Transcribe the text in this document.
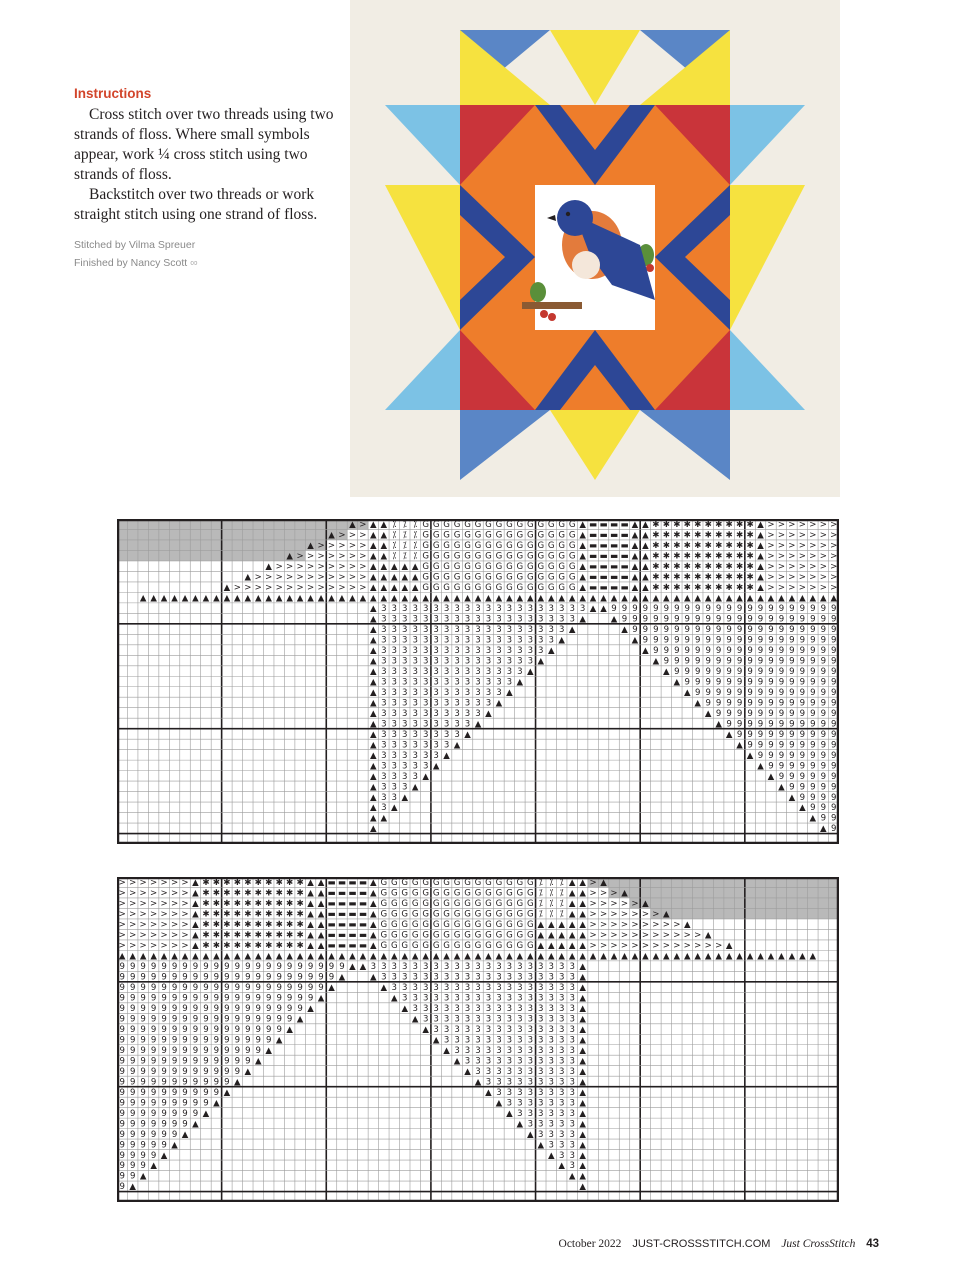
Instructions

Cross stitch over two threads using two strands of floss. Where small symbols appear, work ¼ cross stitch using two strands of floss.

Backstitch over two threads or work straight stitch using one strand of floss.

Stitched by Vilma Spreuer

Finished by Nancy Scott ∞

▲ > ▲ ▲ ⁒ ⁒ ⁒ G G G G G G G G G G G G G G G ▲ ▬ ▬ ▬ ▬ ▲ ▲ ✱ ✱ ✱ ✱ ✱ ✱ ✱ ✱ ✱ ✱ ▲ > > > > > > >
▲ > > > ▲ ▲ ⁒ ⁒ ⁒ G G G G G G G G G G G G G G G ▲ ▬ ▬ ▬ ▬ ▲ ▲ ✱ ✱ ✱ ✱ ✱ ✱ ✱ ✱ ✱ ✱ ▲ > > > > > > >
▲ > > > > > ▲ ▲ ⁒ ⁒ ⁒ G G G G G G G G G G G G G G G ▲ ▬ ▬ ▬ ▬ ▲ ▲ ✱ ✱ ✱ ✱ ✱ ✱ ✱ ✱ ✱ ✱ ▲ > > > > > > >
▲ > > > > > > > ▲ ▲ ⁒ ⁒ ⁒ G G G G G G G G G G G G G G G ▲ ▬ ▬ ▬ ▬ ▲ ▲ ✱ ✱ ✱ ✱ ✱ ✱ ✱ ✱ ✱ ✱ ▲ > > > > > > >
▲ > > > > > > > > > ▲ ▲ ▲ ▲ ▲ G G G G G G G G G G G G G G G ▲ ▬ ▬ ▬ ▬ ▲ ▲ ✱ ✱ ✱ ✱ ✱ ✱ ✱ ✱ ✱ ✱ ▲ > > > > > > >
▲ > > > > > > > > > > > ▲ ▲ ▲ ▲ ▲ G G G G G G G G G G G G G G G ▲ ▬ ▬ ▬ ▬ ▲ ▲ ✱ ✱ ✱ ✱ ✱ ✱ ✱ ✱ ✱ ✱ ▲ > > > > > > >
▲ > > > > > > > > > > > > > ▲ ▲ ▲ ▲ ▲ G G G G G G G G G G G G G G G ▲ ▬ ▬ ▬ ▬ ▲ ▲ ✱ ✱ ✱ ✱ ✱ ✱ ✱ ✱ ✱ ✱ ▲ > > > > > > >
▲ ▲ ▲ ▲ ▲ ▲ ▲ ▲ ▲ ▲ ▲ ▲ ▲ ▲ ▲ ▲ ▲ ▲ ▲ ▲ ▲ ▲ ▲ ▲ ▲ ▲ ▲ ▲ ▲ ▲ ▲ ▲ ▲ ▲ ▲ ▲ ▲ ▲ ▲ ▲ ▲ ▲ ▲ ▲ ▲ ▲ ▲ ▲ ▲ ▲ ▲ ▲ ▲ ▲ ▲ ▲ ▲ ▲ ▲ ▲ ▲ ▲ ▲ ▲ ▲ ▲ ▲
▲ 3 3 3 3 3 3 3 3 3 3 3 3 3 3 3 3 3 3 3 3 ▲
▲ 3 3 3 3 3 3 3 3 3 3 3 3 3 3 3 3 3 3 3 ▲
▲ 3 3 3 3 3 3 3 3 3 3 3 3 3 3 3 3 3 3 ▲
▲ 3 3 3 3 3 3 3 3 3 3 3 3 3 3 3 3 3 ▲
▲ 3 3 3 3 3 3 3 3 3 3 3 3 3 3 3 3 ▲
▲ 3 3 3 3 3 3 3 3 3 3 3 3 3 3 3 ▲
▲ 3 3 3 3 3 3 3 3 3 3 3 3 3 3 ▲
▲ 3 3 3 3 3 3 3 3 3 3 3 3 3 ▲
▲ 3 3 3 3 3 3 3 3 3 3 3 3 ▲
▲ 3 3 3 3 3 3 3 3 3 3 3 ▲
▲ 3 3 3 3 3 3 3 3 3 3 ▲
▲ 3 3 3 3 3 3 3 3 3 ▲
▲ 3 3 3 3 3 3 3 3 ▲
▲ 3 3 3 3 3 3 3 ▲
▲ 3 3 3 3 3 3 ▲
▲ 3 3 3 3 3 ▲
▲ 3 3 3 3 ▲
▲ 3 3 3 ▲
▲ 3 3 ▲
▲ 3 ▲
▲ ▲
▲
▲ 9 9 9 9 9 9 9 9 9 9 9 9 9 9 9 9 9 9 9 9 9 9
▲ 9 9 9 9 9 9 9 9 9 9 9 9 9 9 9 9 9 9 9 9 9
▲ 9 9 9 9 9 9 9 9 9 9 9 9 9 9 9 9 9 9 9 9
▲ 9 9 9 9 9 9 9 9 9 9 9 9 9 9 9 9 9 9 9
▲ 9 9 9 9 9 9 9 9 9 9 9 9 9 9 9 9 9 9
▲ 9 9 9 9 9 9 9 9 9 9 9 9 9 9 9 9 9
▲ 9 9 9 9 9 9 9 9 9 9 9 9 9 9 9 9
▲ 9 9 9 9 9 9 9 9 9 9 9 9 9 9 9
▲ 9 9 9 9 9 9 9 9 9 9 9 9 9 9
▲ 9 9 9 9 9 9 9 9 9 9 9 9 9
▲ 9 9 9 9 9 9 9 9 9 9 9 9
▲ 9 9 9 9 9 9 9 9 9 9 9
▲ 9 9 9 9 9 9 9 9 9 9
▲ 9 9 9 9 9 9 9 9 9
▲ 9 9 9 9 9 9 9 9
▲ 9 9 9 9 9 9 9
▲ 9 9 9 9 9 9
▲ 9 9 9 9 9
▲ 9 9 9 9
▲ 9 9 9
▲ 9 9
▲ 9
▲
>
▲
▲
⁒
⁒
⁒
G
G
G
G
G
G
G
G
G
G
G
G
G
G
G
▲
▬
▬
▬
▬
▲
▲
✱
✱
✱
✱
✱
✱
✱
✱
✱
✱
▲
>
>
>
>
>
>
>
▲
>
>
>
▲
▲
⁒
⁒
⁒
G
G
G
G
G
G
G
G
G
G
G
G
G
G
G
▲
▬
▬
▬
▬
▲
▲
✱
✱
✱
✱
✱
✱
✱
✱
✱
✱
▲
>
>
>
>
>
>
>
▲
>
>
>
>
>
▲
▲
⁒
⁒
⁒
G
G
G
G
G
G
G
G
G
G
G
G
G
G
G
▲
▬
▬
▬
▬
▲
▲
✱
✱
✱
✱
✱
✱
✱
✱
✱
✱
▲
>
>
>
>
>
>
>
▲
>
>
>
>
>
>
>
▲
▲
⁒
⁒
⁒
G
G
G
G
G
G
G
G
G
G
G
G
G
G
G
▲
▬
▬
▬
▬
▲
▲
✱
✱
✱
✱
✱
✱
✱
✱
✱
✱
▲
>
>
>
>
>
>
>
▲
>
>
>
>
>
>
>
>
>
▲
▲
▲
▲
▲
G
G
G
G
G
G
G
G
G
G
G
G
G
G
G
▲
▬
▬
▬
▬
▲
▲
✱
✱
✱
✱
✱
✱
✱
✱
✱
✱
▲
>
>
>
>
>
>
>
▲
>
>
>
>
>
>
>
>
>
>
>
▲
▲
▲
▲
▲
G
G
G
G
G
G
G
G
G
G
G
G
G
G
G
▲
▬
▬
▬
▬
▲
▲
✱
✱
✱
✱
✱
✱
✱
✱
✱
✱
▲
>
>
>
>
>
>
>
▲
>
>
>
>
>
>
>
>
>
>
>
>
>
▲
▲
▲
▲
▲
G
G
G
G
G
G
G
G
G
G
G
G
G
G
G
▲
▬
▬
▬
▬
▲
▲
✱
✱
✱
✱
✱
✱
✱
✱
✱
✱
▲
>
>
>
>
>
>
>
▲
▲
▲
▲
▲
▲
▲
▲
▲
▲
▲
▲
▲
▲
▲
▲
▲
▲
▲
▲
▲
▲
▲
▲
▲
▲
▲
▲
▲
▲
▲
▲
▲
▲
▲
▲
▲
▲
▲
▲
▲
▲
▲
▲
▲
▲
▲
▲
▲
▲
▲
▲
▲
▲
▲
▲
▲
▲
▲
▲
▲
▲
▲
▲
▲
▲
▲
▲
3
3
3
3
3
3
3
3
3
3
3
3
3
3
3
3
3
3
3
3
▲
▲
3
3
3
3
3
3
3
3
3
3
3
3
3
3
3
3
3
3
3
▲
▲
3
3
3
3
3
3
3
3
3
3
3
3
3
3
3
3
3
3
▲
▲
3
3
3
3
3
3
3
3
3
3
3
3
3
3
3
3
3
▲
▲
3
3
3
3
3
3
3
3
3
3
3
3
3
3
3
3
▲
▲
3
3
3
3
3
3
3
3
3
3
3
3
3
3
3
▲
▲
3
3
3
3
3
3
3
3
3
3
3
3
3
3
▲
▲
3
3
3
3
3
3
3
3
3
3
3
3
3
▲
▲
3
3
3
3
3
3
3
3
3
3
3
3
▲
▲
3
3
3
3
3
3
3
3
3
3
3
▲
▲
3
3
3
3
3
3
3
3
3
3
▲
▲
3
3
3
3
3
3
3
3
3
▲
▲
3
3
3
3
3
3
3
3
▲
▲
3
3
3
3
3
3
3
▲
▲
3
3
3
3
3
3
▲
▲
3
3
3
3
3
▲
▲
3
3
3
3
▲
▲
3
3
3
▲
▲
3
3
▲
▲
3
▲
▲
▲
▲
▲
9
9
9
9
9
9
9
9
9
9
9
9
9
9
9
9
9
9
9
9
9
9
▲
9
9
9
9
9
9
9
9
9
9
9
9
9
9
9
9
9
9
9
9
9
▲
9
9
9
9
9
9
9
9
9
9
9
9
9
9
9
9
9
9
9
9
▲
9
9
9
9
9
9
9
9
9
9
9
9
9
9
9
9
9
9
9
▲
9
9
9
9
9
9
9
9
9
9
9
9
9
9
9
9
9
9
▲
9
9
9
9
9
9
9
9
9
9
9
9
9
9
9
9
9
▲
9
9
9
9
9
9
9
9
9
9
9
9
9
9
9
9
▲
9
9
9
9
9
9
9
9
9
9
9
9
9
9
9
▲
9
9
9
9
9
9
9
9
9
9
9
9
9
9
▲
9
9
9
9
9
9
9
9
9
9
9
9
9
▲
9
9
9
9
9
9
9
9
9
9
9
9
▲
9
9
9
9
9
9
9
9
9
9
9
▲
9
9
9
9
9
9
9
9
9
9
▲
9
9
9
9
9
9
9
9
9
▲
9
9
9
9
9
9
9
9
▲
9
9
9
9
9
9
9
▲
9
9
9
9
9
9
▲
9
9
9
9
9
▲
9
9
9
9
▲
9
9
9
▲
9
9
▲
9
October 2022 JUST-CROSSSTITCH.COM Just CrossStitch 43
